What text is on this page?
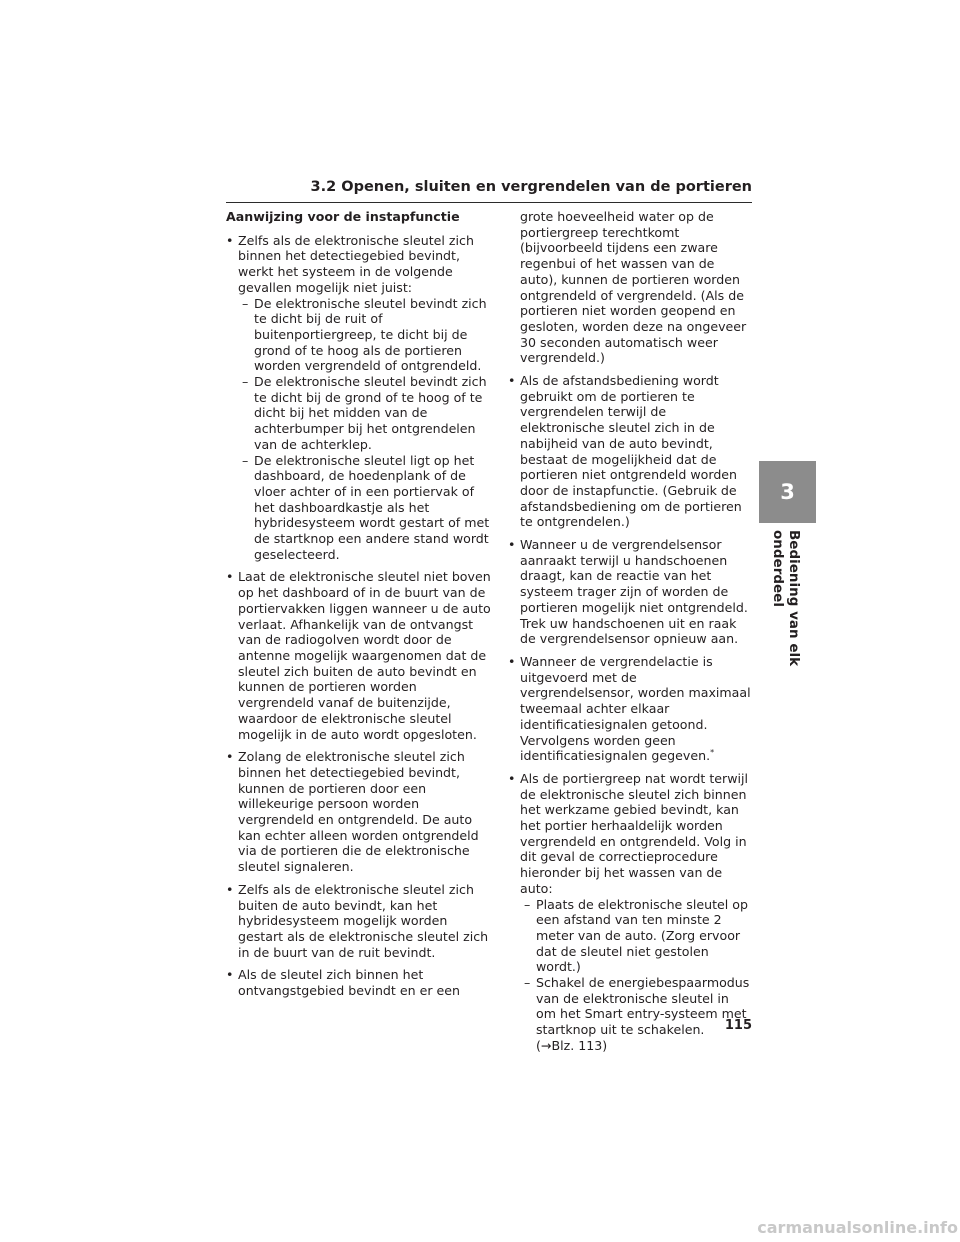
3.2 Openen, sluiten en vergrendelen van de portieren
Aanwijzing voor de instapfunctie
• Zelfs als de elektronische sleutel zich binnen het detectiegebied bevindt, werkt het systeem in de volgende gevallen mogelijk niet juist:
– De elektronische sleutel bevindt zich te dicht bij de ruit of buitenportiergreep, te dicht bij de grond of te hoog als de portieren worden vergrendeld of ontgrendeld.
– De elektronische sleutel bevindt zich te dicht bij de grond of te hoog of te dicht bij het midden van de achterbumper bij het ontgrendelen van de achterklep.
– De elektronische sleutel ligt op het dashboard, de hoedenplank of de vloer achter of in een portiervak of het dashboardkastje als het hybridesysteem wordt gestart of met de startknop een andere stand wordt geselecteerd.
• Laat de elektronische sleutel niet boven op het dashboard of in de buurt van de portiervakken liggen wanneer u de auto verlaat. Afhankelijk van de ontvangst van de radiogolven wordt door de antenne mogelijk waargenomen dat de sleutel zich buiten de auto bevindt en kunnen de portieren worden vergrendeld vanaf de buitenzijde, waardoor de elektronische sleutel mogelijk in de auto wordt opgesloten.
• Zolang de elektronische sleutel zich binnen het detectiegebied bevindt, kunnen de portieren door een willekeurige persoon worden vergrendeld en ontgrendeld. De auto kan echter alleen worden ontgrendeld via de portieren die de elektronische sleutel signaleren.
• Zelfs als de elektronische sleutel zich buiten de auto bevindt, kan het hybridesysteem mogelijk worden gestart als de elektronische sleutel zich in de buurt van de ruit bevindt.
• Als de sleutel zich binnen het ontvangstgebied bevindt en er een
grote hoeveelheid water op de portiergreep terechtkomt (bijvoorbeeld tijdens een zware regenbui of het wassen van de auto), kunnen de portieren worden ontgrendeld of vergrendeld. (Als de portieren niet worden geopend en gesloten, worden deze na ongeveer 30 seconden automatisch weer vergrendeld.)
• Als de afstandsbediening wordt gebruikt om de portieren te vergrendelen terwijl de elektronische sleutel zich in de nabijheid van de auto bevindt, bestaat de mogelijkheid dat de portieren niet ontgrendeld worden door de instapfunctie. (Gebruik de afstandsbediening om de portieren te ontgrendelen.)
• Wanneer u de vergrendelsensor aanraakt terwijl u handschoenen draagt, kan de reactie van het systeem trager zijn of worden de portieren mogelijk niet ontgrendeld. Trek uw handschoenen uit en raak de vergrendelsensor opnieuw aan.
• Wanneer de vergrendelactie is uitgevoerd met de vergrendelsensor, worden maximaal tweemaal achter elkaar identificatiesignalen getoond. Vervolgens worden geen identificatiesignalen gegeven.*
• Als de portiergreep nat wordt terwijl de elektronische sleutel zich binnen het werkzame gebied bevindt, kan het portier herhaaldelijk worden vergrendeld en ontgrendeld. Volg in dit geval de correctieprocedure hieronder bij het wassen van de auto:
– Plaats de elektronische sleutel op een afstand van ten minste 2 meter van de auto. (Zorg ervoor dat de sleutel niet gestolen wordt.)
– Schakel de energiebespaarmodus van de elektronische sleutel in om het Smart entry-systeem met startknop uit te schakelen.
(→Blz. 113)
3
Bediening van elk onderdeel
115
carmanualsonline.info
